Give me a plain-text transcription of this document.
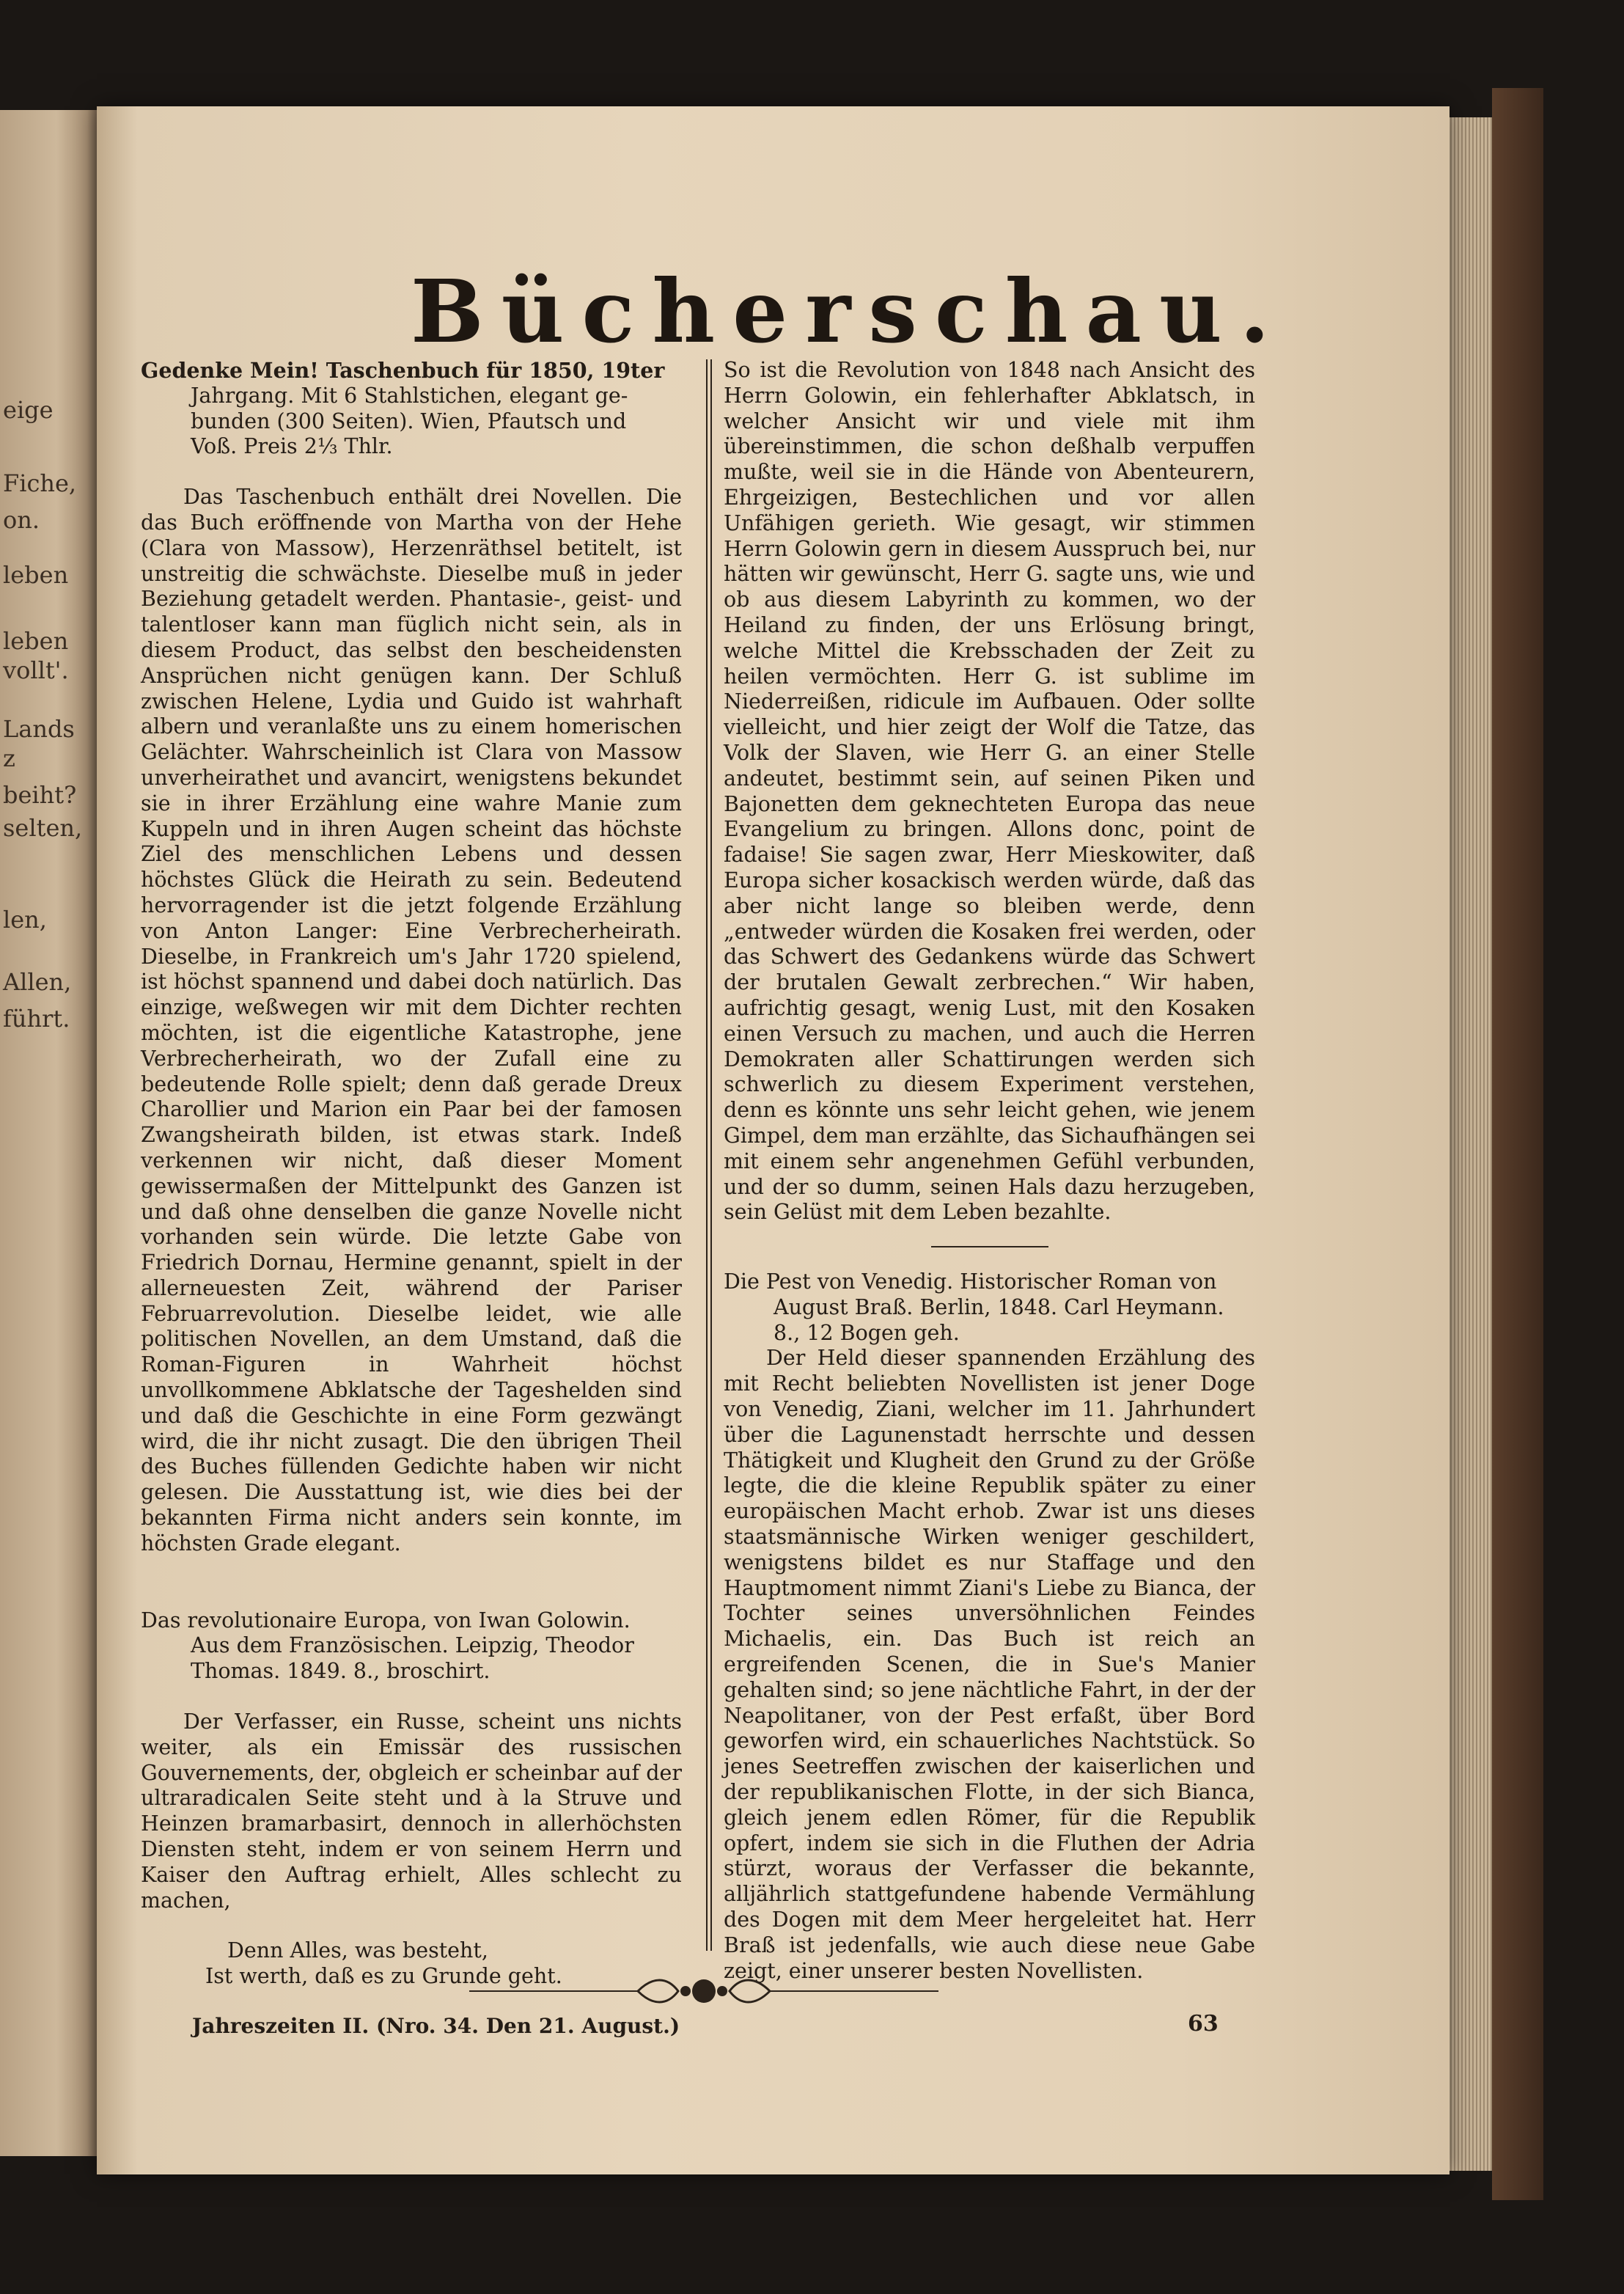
eige
Fiche,
on.
leben
leben
vollt'.
Lands
z
beiht?
selten,
len,
Allen,
führt.
Bücherschau.

Gedenke Mein! Taschenbuch für 1850, 19ter

Jahrgang. Mit 6 Stahlstichen, elegant ge-

bunden (300 Seiten). Wien, Pfautsch und

Voß. Preis 2⅓ Thlr.

Das Taschenbuch enthält drei Novellen. Die das Buch eröffnende von Martha von der Hehe (Clara von Massow), Herzenräthsel betitelt, ist unstreitig die schwächste. Dieselbe muß in jeder Beziehung getadelt werden. Phantasie-, geist- und talentloser kann man füglich nicht sein, als in diesem Product, das selbst den bescheidensten Ansprüchen nicht genügen kann. Der Schluß zwischen Helene, Lydia und Guido ist wahrhaft albern und veranlaßte uns zu einem homerischen Gelächter. Wahrscheinlich ist Clara von Massow unverheirathet und avancirt, wenigstens bekundet sie in ihrer Erzählung eine wahre Manie zum Kuppeln und in ihren Augen scheint das höchste Ziel des menschlichen Lebens und dessen höchstes Glück die Heirath zu sein. Bedeutend hervorragender ist die jetzt folgende Erzählung von Anton Langer: Eine Verbrecherheirath. Dieselbe, in Frankreich um's Jahr 1720 spielend, ist höchst spannend und dabei doch natürlich. Das einzige, weßwegen wir mit dem Dichter rechten möchten, ist die eigentliche Katastrophe, jene Verbrecherheirath, wo der Zufall eine zu bedeutende Rolle spielt; denn daß gerade Dreux Charollier und Marion ein Paar bei der famosen Zwangsheirath bilden, ist etwas stark. Indeß verkennen wir nicht, daß dieser Moment gewissermaßen der Mittelpunkt des Ganzen ist und daß ohne denselben die ganze Novelle nicht vorhanden sein würde. Die letzte Gabe von Friedrich Dornau, Hermine genannt, spielt in der allerneuesten Zeit, während der Pariser Februarrevolution. Dieselbe leidet, wie alle politischen Novellen, an dem Umstand, daß die Roman-Figuren in Wahrheit höchst unvollkommene Abklatsche der Tageshelden sind und daß die Geschichte in eine Form gezwängt wird, die ihr nicht zusagt. Die den übrigen Theil des Buches füllenden Gedichte haben wir nicht gelesen. Die Ausstattung ist, wie dies bei der bekannten Firma nicht anders sein konnte, im höchsten Grade elegant.

Das revolutionaire Europa, von Iwan Golowin.

Aus dem Französischen. Leipzig, Theodor

Thomas. 1849. 8., broschirt.

Der Verfasser, ein Russe, scheint uns nichts weiter, als ein Emissär des russischen Gouvernements, der, obgleich er scheinbar auf der ultraradicalen Seite steht und à la Struve und Heinzen bramarbasirt, dennoch in allerhöchsten Diensten steht, indem er von seinem Herrn und Kaiser den Auftrag erhielt, Alles schlecht zu machen,

Denn Alles, was besteht,

Ist werth, daß es zu Grunde geht.

So ist die Revolution von 1848 nach Ansicht des Herrn Golowin, ein fehlerhafter Abklatsch, in welcher Ansicht wir und viele mit ihm übereinstimmen, die schon deßhalb verpuffen mußte, weil sie in die Hände von Abenteurern, Ehrgeizigen, Bestechlichen und vor allen Unfähigen gerieth. Wie gesagt, wir stimmen Herrn Golowin gern in diesem Ausspruch bei, nur hätten wir gewünscht, Herr G. sagte uns, wie und ob aus diesem Labyrinth zu kommen, wo der Heiland zu finden, der uns Erlösung bringt, welche Mittel die Krebsschaden der Zeit zu heilen vermöchten. Herr G. ist sublime im Niederreißen, ridicule im Aufbauen. Oder sollte vielleicht, und hier zeigt der Wolf die Tatze, das Volk der Slaven, wie Herr G. an einer Stelle andeutet, bestimmt sein, auf seinen Piken und Bajonetten dem geknechteten Europa das neue Evangelium zu bringen. Allons donc, point de fadaise! Sie sagen zwar, Herr Mieskowiter, daß Europa sicher kosackisch werden würde, daß das aber nicht lange so bleiben werde, denn „entweder würden die Kosaken frei werden, oder das Schwert des Gedankens würde das Schwert der brutalen Gewalt zerbrechen.“ Wir haben, aufrichtig gesagt, wenig Lust, mit den Kosaken einen Versuch zu machen, und auch die Herren Demokraten aller Schattirungen werden sich schwerlich zu diesem Experiment verstehen, denn es könnte uns sehr leicht gehen, wie jenem Gimpel, dem man erzählte, das Sichaufhängen sei mit einem sehr angenehmen Gefühl verbunden, und der so dumm, seinen Hals dazu herzugeben, sein Gelüst mit dem Leben bezahlte.

Die Pest von Venedig. Historischer Roman von

August Braß. Berlin, 1848. Carl Heymann.

8., 12 Bogen geh.

Der Held dieser spannenden Erzählung des mit Recht beliebten Novellisten ist jener Doge von Venedig, Ziani, welcher im 11. Jahrhundert über die Lagunenstadt herrschte und dessen Thätigkeit und Klugheit den Grund zu der Größe legte, die die kleine Republik später zu einer europäischen Macht erhob. Zwar ist uns dieses staatsmännische Wirken weniger geschildert, wenigstens bildet es nur Staffage und den Hauptmoment nimmt Ziani's Liebe zu Bianca, der Tochter seines unversöhnlichen Feindes Michaelis, ein. Das Buch ist reich an ergreifenden Scenen, die in Sue's Manier gehalten sind; so jene nächtliche Fahrt, in der der Neapolitaner, von der Pest erfaßt, über Bord geworfen wird, ein schauerliches Nachtstück. So jenes Seetreffen zwischen der kaiserlichen und der republikanischen Flotte, in der sich Bianca, gleich jenem edlen Römer, für die Republik opfert, indem sie sich in die Fluthen der Adria stürzt, woraus der Verfasser die bekannte, alljährlich stattgefundene habende Vermählung des Dogen mit dem Meer hergeleitet hat. Herr Braß ist jedenfalls, wie auch diese neue Gabe zeigt, einer unserer besten Novellisten.

Jahreszeiten II. (Nro. 34. Den 21. August.)	63
